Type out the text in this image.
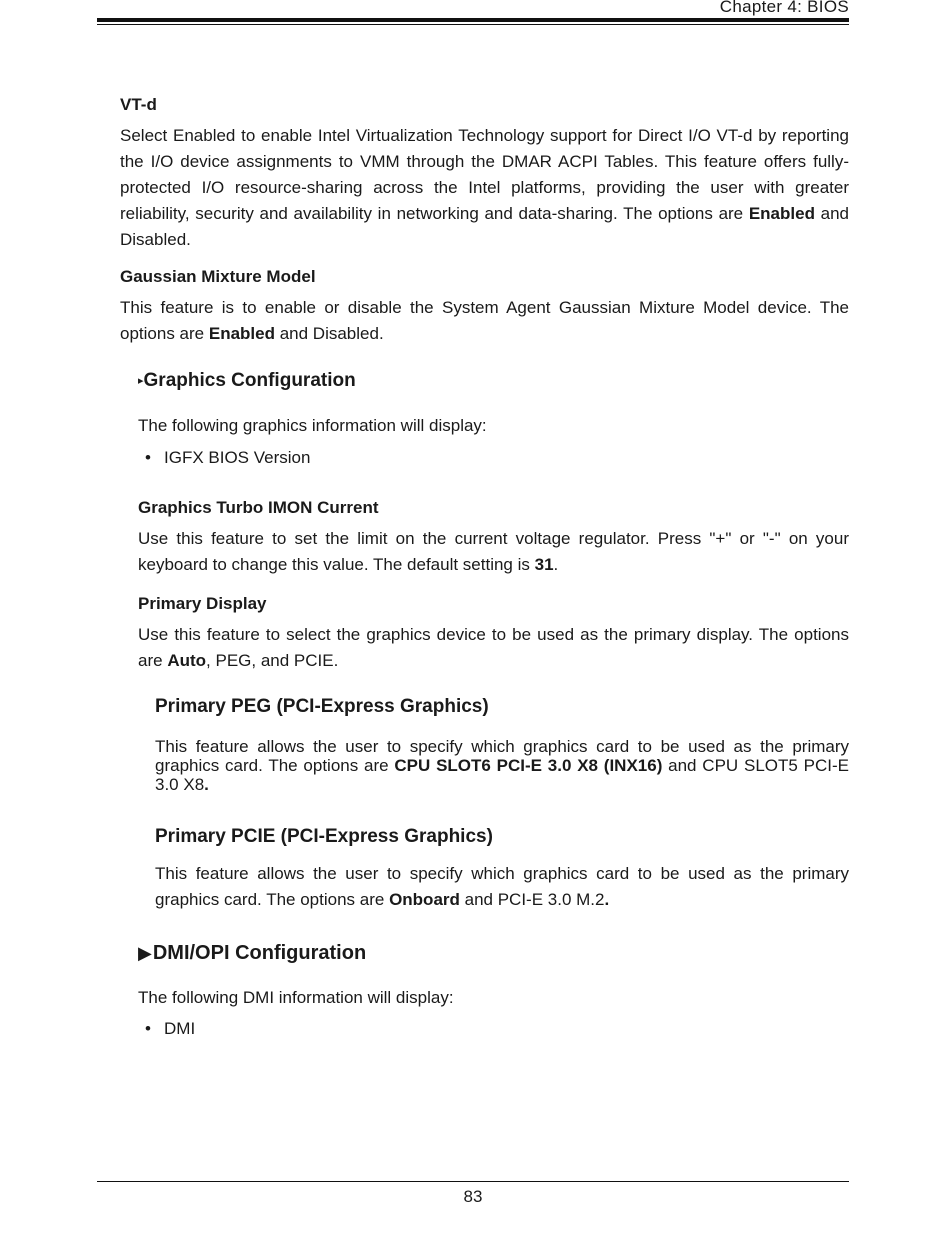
Chapter 4: BIOS
VT-d

Select Enabled to enable Intel Virtualization Technology support for Direct I/O VT-d by reporting the I/O device assignments to VMM through the DMAR ACPI Tables. This feature offers fully-protected I/O resource-sharing across the Intel platforms, providing the user with greater reliability, security and availability in networking and data-sharing. The options are Enabled and Disabled.

Gaussian Mixture Model

This feature is to enable or disable the System Agent Gaussian Mixture Model device. The options are Enabled and Disabled.

▸Graphics Configuration

The following graphics information will display:

• IGFX BIOS Version
Graphics Turbo IMON Current

Use this feature to set the limit on the current voltage regulator. Press "+" or "-" on your keyboard to change this value. The default setting is 31.

Primary Display

Use this feature to select the graphics device to be used as the primary display. The options are Auto, PEG, and PCIE.

Primary PEG (PCI-Express Graphics)

This feature allows the user to specify which graphics card to be used as the primary graphics card. The options are CPU SLOT6 PCI-E 3.0 X8 (INX16) and CPU SLOT5 PCI-E 3.0 X8.

Primary PCIE (PCI-Express Graphics)

This feature allows the user to specify which graphics card to be used as the primary graphics card. The options are Onboard and PCI-E 3.0 M.2.

▶DMI/OPI Configuration

The following DMI information will display:

• DMI
83
